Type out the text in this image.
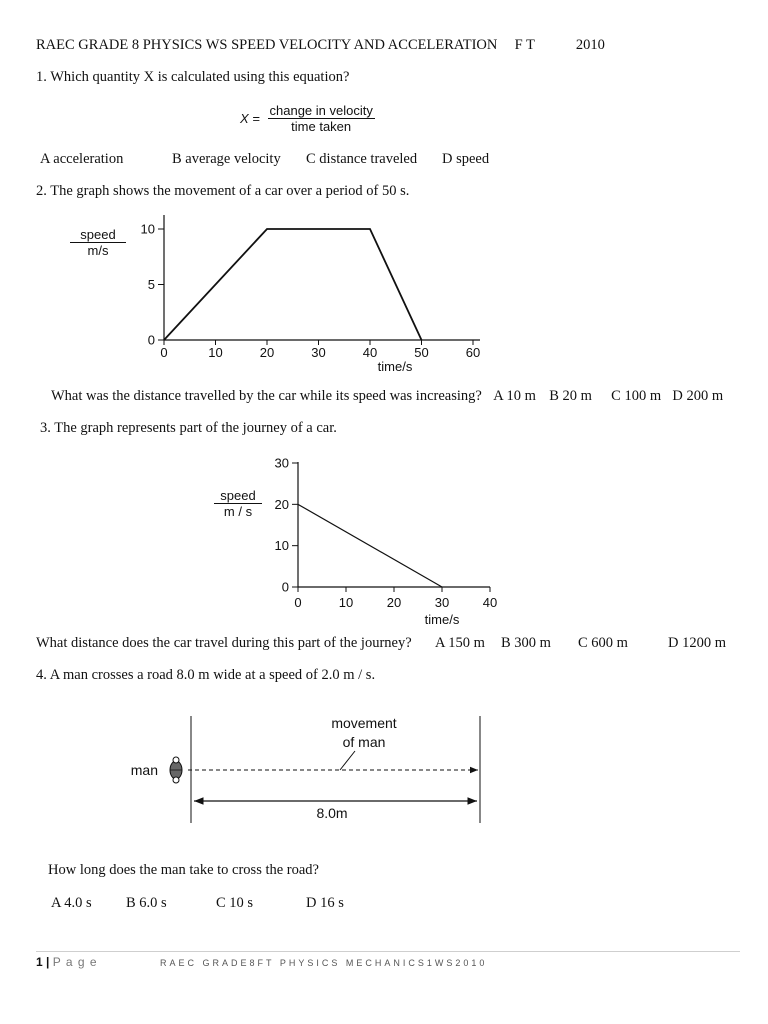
RAEC GRADE 8 PHYSICS WS SPEED VELOCITY AND ACCELERATION F T	2010
1. Which quantity X is calculated using this equation?
X =
change in velocity
time taken
A acceleration	B average velocity C distance traveled D speed
2. The graph shows the movement of a car over a period of 50 s.
speed
m/s
0	10	20	30	40	50	60
0
5
10
time/s
What was the distance travelled by the car while its speed was increasing? A 10 m B 20 m C 100 m D 200 m
3. The graph represents part of the journey of a car.
speed
m / s
0	10	20	30	40
0
10
20
30
time/s
What distance does the car travel during this part of the journey? A 150 m B 300 m C 600 m	D 1200 m
4. A man crosses a road 8.0 m wide at a speed of 2.0 m / s.
man
movement
of man
8.0m
How long does the man take to cross the road?
A 4.0 s B 6.0 s	C 10 s	D 16 s
1 | P a g e	RAEC GRADE8FT PHYSICS MECHANICS1WS2010
